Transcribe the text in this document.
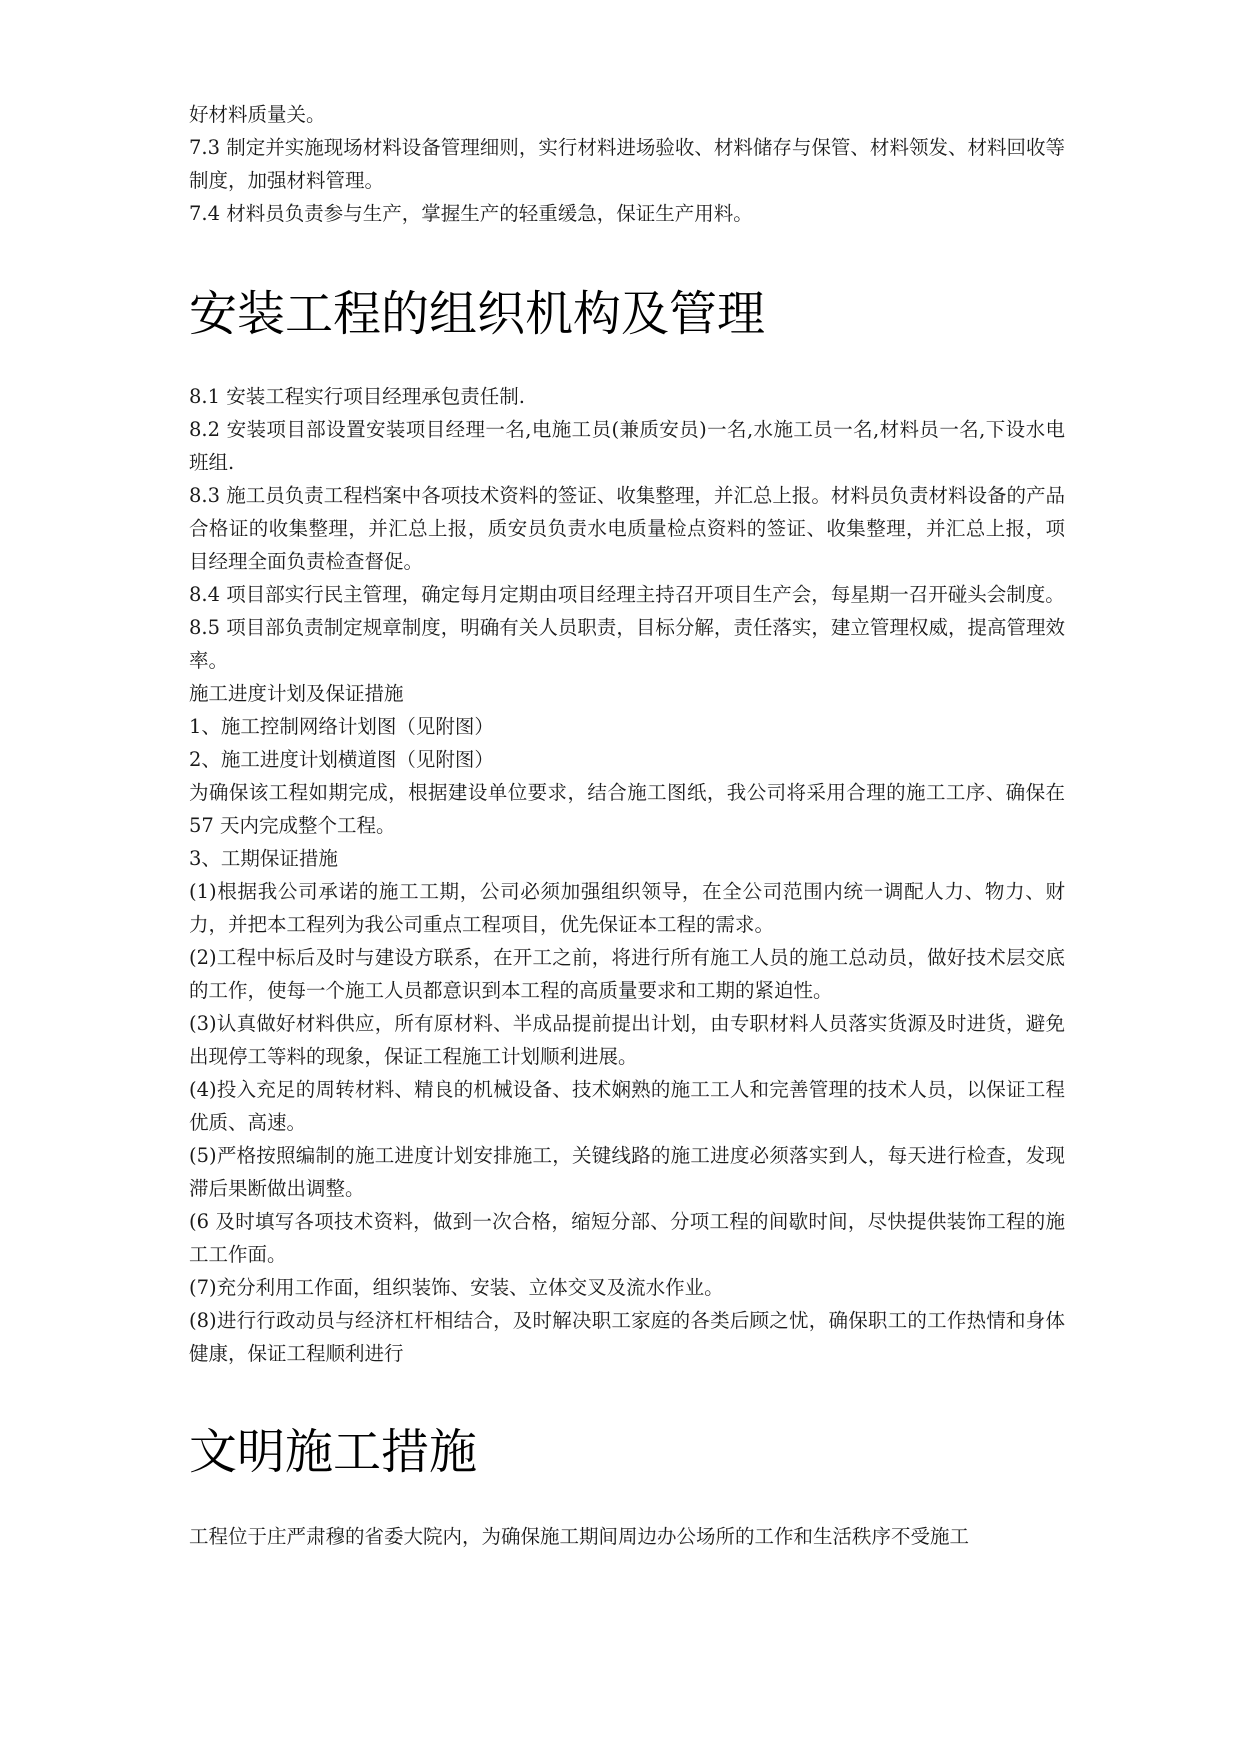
好材料质量关。

7.3 制定并实施现场材料设备管理细则，实行材料进场验收、材料储存与保管、材料领发、材料回收等制度，加强材料管理。

7.4 材料员负责参与生产，掌握生产的轻重缓急，保证生产用料。

安装工程的组织机构及管理

8.1 安装工程实行项目经理承包责任制.

8.2 安装项目部设置安装项目经理一名,电施工员(兼质安员)一名,水施工员一名,材料员一名,下设水电班组.

8.3 施工员负责工程档案中各项技术资料的签证、收集整理，并汇总上报。材料员负责材料设备的产品合格证的收集整理，并汇总上报，质安员负责水电质量检点资料的签证、收集整理，并汇总上报，项目经理全面负责检查督促。

8.4 项目部实行民主管理，确定每月定期由项目经理主持召开项目生产会，每星期一召开碰头会制度。

8.5 项目部负责制定规章制度，明确有关人员职责，目标分解，责任落实，建立管理权威，提高管理效率。

施工进度计划及保证措施

1、施工控制网络计划图（见附图）

2、施工进度计划横道图（见附图）

为确保该工程如期完成，根据建设单位要求，结合施工图纸，我公司将采用合理的施工工序、确保在 57 天内完成整个工程。

3、工期保证措施

(1)根据我公司承诺的施工工期，公司必须加强组织领导，在全公司范围内统一调配人力、物力、财力，并把本工程列为我公司重点工程项目，优先保证本工程的需求。

(2)工程中标后及时与建设方联系，在开工之前，将进行所有施工人员的施工总动员，做好技术层交底的工作，使每一个施工人员都意识到本工程的高质量要求和工期的紧迫性。

(3)认真做好材料供应，所有原材料、半成品提前提出计划，由专职材料人员落实货源及时进货，避免出现停工等料的现象，保证工程施工计划顺利进展。

(4)投入充足的周转材料、精良的机械设备、技术娴熟的施工工人和完善管理的技术人员，以保证工程优质、高速。

(5)严格按照编制的施工进度计划安排施工，关键线路的施工进度必须落实到人，每天进行检查，发现滞后果断做出调整。

(6 及时填写各项技术资料，做到一次合格，缩短分部、分项工程的间歇时间，尽快提供装饰工程的施工工作面。

(7)充分利用工作面，组织装饰、安装、立体交叉及流水作业。

(8)进行行政动员与经济杠杆相结合，及时解决职工家庭的各类后顾之忧，确保职工的工作热情和身体健康，保证工程顺利进行

文明施工措施

工程位于庄严肃穆的省委大院内，为确保施工期间周边办公场所的工作和生活秩序不受施工
